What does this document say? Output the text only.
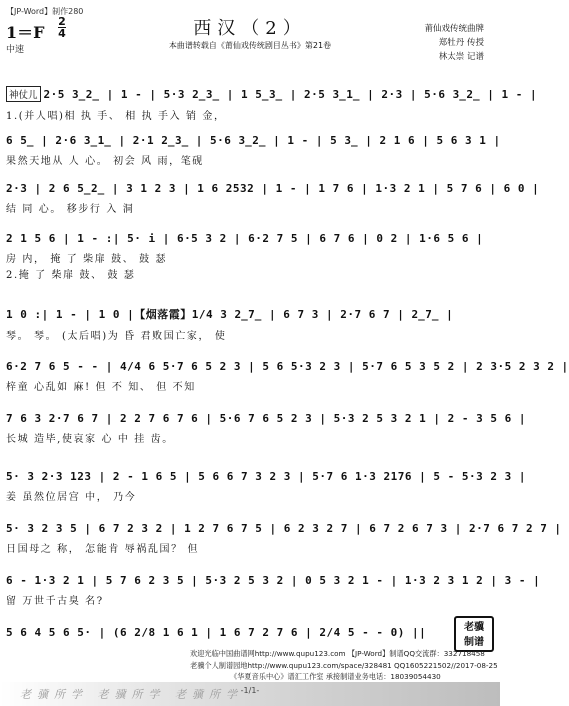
【JP-Word】制作280
1＝F
2
4
中速
西汉（2）
本曲谱转载自《莆仙戏传统剧目丛书》第21卷
莆仙戏传统曲牌
郑牡丹 传授
林太崇 记谱
神仗儿 2·5 3̲2̲ | 1 - | 5·3 2̲3̲ | 1 5̲3̲ | 2·5 3̲1̲ | 2·3 | 5·6 3̲2̲ | 1 - |
1.(并人唱)相 执 手、 相 执 手入 销 金，
6 5̲ | 2·6 3̲1̲ | 2·1 2̲3̲ | 5·6 3̲2̲ | 1 - | 5 3̲ | 2 1 6 | 5 6 3 1 |
果然天地从 人 心。 初会 风 雨，笔砚
2·3 | 2 6 5̲2̲ | 3 1 2 3 | 1 6 2532 | 1 - | 1 7 6 | 1·3 2 1 | 5 7 6 | 6 0 |
结 同 心。 移步行 入 洞
2 1 5 6 | 1 - :| 5· i | 6·5 3 2 | 6·2 7 5 | 6 7 6 | 0 2 | 1·6 5 6 |
房 内， 掩 了 柴扉 鼓、 鼓 瑟
2.掩 了 柴扉 鼓、 鼓 瑟
1 0 :| 1 - | 1 0 |【烟落霞】1/4 3 2̲7̲ | 6 7 3 | 2·7 6 7 | 2̲7̲ |
琴。 琴。 (太后唱)为 昏 君败国亡家， 使
6·2 7 6 5 - - | 4/4 6 5·7 6 5 2 3 | 5 6 5·3 2 3 | 5·7 6 5 3 5 2 | 2 3·5 2 3 2 |
梓童 心乱如 麻! 但 不 知、 但 不知
7 6 3 2·7 6 7 | 2 2 7 6 7 6 | 5·6 7 6 5 2 3 | 5·3 2 5 3 2 1 | 2 - 3 5 6 |
长城 造毕,使哀家 心 中 挂 齿。
5· 3 2·3 123 | 2 - 1 6 5 | 5 6 6 7 3 2 3 | 5·7 6 1·3 2176 | 5 - 5·3 2 3 |
姜 虽然位居宫 中， 乃今
5· 3 2 3 5 | 6 7 2 3 2 | 1 2 7 6 7 5 | 6 2 3 2 7 | 6 7 2 6 7 3 | 2·7 6 7 2 7 |
日国母之 称， 怎能肯 辱祸乱国？ 但
6 - 1·3 2 1 | 5 7 6 2 3 5 | 5·3 2 5 3 2 | 0 5 3 2 1 - | 1·3 2 3 1 2 | 3 - |
留 万世千古臭 名?
5 6 4 5 6 5· | (6 2/8 1 6 1 | 1 6 7 2 7 6 | 2/4 5 - - 0) ||	老骥
制谱
欢迎光临中国曲谱网http://www.qupu123.com 【JP-Word】制谱QQ交流群：332718458
老骥个人制谱园地http://www.qupu123.com/space/328481 QQ1605221502//2017-08-25
《华夏音乐中心》谱汇工作室 承接制谱业务电话：18039054430
老骥所学 老骥所学 老骥所学
-1/1-
